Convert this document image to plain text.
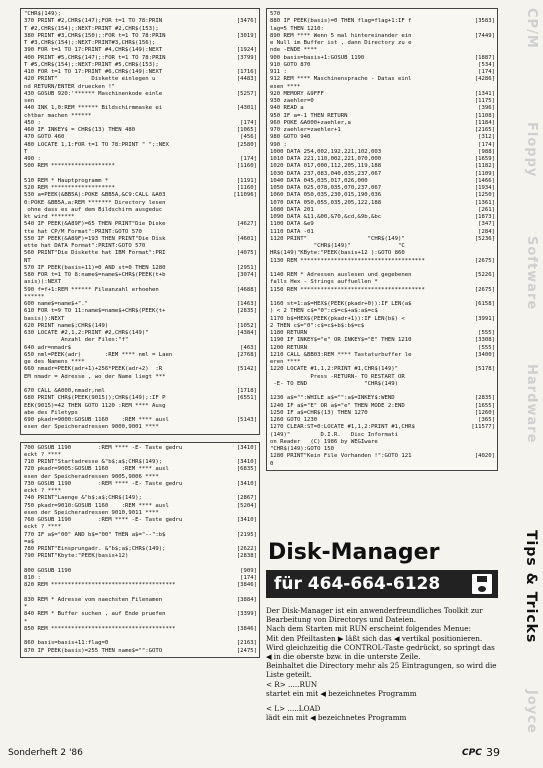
"CHR$(149);
370 PRINT #2,CHR$(147);FOR t=1 TO 78:PRIN	[3476]
T #2,CHR$(154);:NEXT:PRINT #2,CHR$(153);
380 PRINT #3,CHR$(150);:FOR t=1 TO 78:PRIN	[3019]
T #3,CHR$(154);:NEXT:PRINT#3,CHR$(156);
390 FOR t=1 TO 17:PRINT #4,CHR$(149):NEXT	[1924]
400 PRINT #5,CHR$(147);:FOR t=1 TO 78:PRIN	[3799]
T #5,CHR$(154);:NEXT:PRINT #5,CHR$(153);
410 FOR t=1 TO 17:PRINT #6,CHR$(149):NEXT	[1716]
420 PRINT"          Diskette einlegen u	[4483]
nd RETURN/ENTER druecken !"
430 GOSUB 920:'****** Maschinenkode einle	[5257]
sen
440 INK 1,0:REM ****** Bildschirmmaske ei	[4301]
chtbar machen ******
450 :	[174]
460 IF INKEY$ = CHR$(13) THEN 480	[1065]
470 GOTO 460	[456]
480 LOCATE 1,1:FOR t=1 TO 78:PRINT " ";:NEX	[2580]
T
490 :	[174]
500 REM *******************	[1160]
510 REM * Hauptprogramm *	[1191]
520 REM *******************	[1160]
530 a=PEEK(&BB5A):POKE &BB5A,&C9:CALL &A03	[11096]
0:POKE &BB5A,a:REM ******* Directory lesen
ohne dass es auf dem Bildschirm ausgeduc
kt wird *******
540 IF PEEK(&A89F)=65 THEN PRINT"Die Diske	[4627]
tte hat CP/M Format":PRINT:GOTO 570
550 IF PEEK(&A89F)=193 THEN PRINT"Die Disk	[4601]
ette hat DATA Format":PRINT:GOTO 570
560 PRINT"Die Diskette hat IBM Format":PRI	[4075]
NT
570 IF PEEK(basis+11)=0 AND st=0 THEN 1280	[2951]
580 FOR t=1 TO 8:name$=name$+CHR$(PEEK(t+b	[3074]
asis)):NEXT
590 f=f+1:REM ****** Fileanzahl erhoehen	[4688]
******
600 name$=name$+"."	[1463]
610 FOR t=9 TO 11:name$=name$+CHR$(PEEK(t+	[2835]
basis)):NEXT
620 PRINT name$;CHR$(149)	[1052]
630 LOCATE #2,1,2:PRINT #2,CHR$(149)"	[4384]
Anzahl der Files:"f"
640 adr=nmadr$	[463]
650 nml=PEEK(adr)       :REM **** nml = Laen	[2768]
ge des Namens ****
660 nmadr=PEEK(adr+1)+256*PEEK(adr+2)  :R	[5142]
EM nmadr = Adresse , wo der Name liegt ***
670 CALL &A000,nmadr,nml	[1718]
680 PRINT CHR$(PEEK(9015));CHR$(149);:IF P	[6551]
EEK(9015)=42 THEN GOTO 1120 :REM **** Ausg
abe des Filetyps
690 pkadr=9000:GOSUB 1160    :REM **** ausl	[5143]
esen der Speicheradressen 9000,9001 ****
700 GOSUB 1190        :REM **** -E- Taste gedru	[3410]
eckt ? ****
710 PRINT"Startadresse &"b$;a$;CHR$(149);	[3410]
720 pkadr=9005:GOSUB 1160    :REM **** ausl	[6835]
esen der Speicheradressen 9005,9006 ****
730 GOSUB 1190        :REM **** -E- Taste gedru	[3410]
eckt ? ****
740 PRINT"Laenge &"b$;a$;CHR$(149);	[2867]
750 pkadr=9010:GOSUB 1160    :REM **** ausl	[5204]
esen der Speicheradressen 9010,9011 ****
760 GOSUB 1190        :REM **** -E- Taste gedru	[3410]
eckt ? ****
770 IF a$="00" AND b$="00" THEN a$="--":b$	[2195]
=a$
780 PRINT"Einsprungadr. &"b$;a$;CHR$(149);	[2622]
790 PRINT"Kbyte:"PEEK(basis+12)	[2838]
800 GOSUB 1190	[909]
810 :	[174]
820 REM *************************************	[3846]
830 REM * Adresse vom naechsten Filenamen	[3884]
*
840 REM * Buffer suchen , auf Ende pruefen	[3399]
*
850 REM *************************************	[3846]
860 basis=basis+11:flag=0	[2163]
870 IF PEEK(basis)=255 THEN name$="":GOTO	[2475]
570
880 IF PEEK(basis)=0 THEN flag=flag+1:IF f	[3583]
lag=5 THEN 1210:
890 REM **** Wenn 5 mal hintereinander ein	[7449]
e Null im Buffer ist , dann Directory zu e
nde -ENDE ****
900 basis=basis+1:GOSUB 1190	[1887]
910 GOTO 870	[534]
911 :	[174]
912 REM **** Maschinensprache - Datas einl	[4286]
esen ****
920 MEMORY &9FFF	[1341]
930 zaehler=0	[1175]
940 READ a	[396]
950 IF a=-1 THEN RETURN	[1108]
960 POKE &A000+zaehler,a	[1184]
970 zaehler=zaehler+1	[2165]
980 GOTO 940	[312]
990 :	[174]
1000 DATA 254,002,192,221,102,003	[988]
1010 DATA 221,110,002,221,070,000	[1659]
1020 DATA 017,000,112,205,119,188	[1182]
1030 DATA 237,083,040,035,237,067	[1109]
1040 DATA 045,035,017,026,000	[1466]
1050 DATA 025,078,035,070,237,067	[1934]
1060 DATA 050,035,230,015,190,036	[1250]
1070 DATA 050,055,035,205,122,188	[1361]
1080 DATA 201	[261]
1090 DATA &11,&00,&70,&cd,&9b,&bc	[1873]
1100 DATA &e9	[347]
1110 DATA -01	[284]
1120 PRINT"                  "CHR$(149)"	[5236]
"CHR$(149)"              "C
HR$(149)"KByte:"PEEK(basis+12 ):GOTO 860
1130 REM *************************************	[2675]
1140 REM * Adressen auslesen und gegebenen	[5226]
falls Hex - Strings auffuellen *
1150 REM *************************************	[2675]
1160 st=1:a$=HEX$(PEEK(pkadr+0)):IF LEN(a$	[6158]
) < 2 THEN c$="0":c$=c$+a$:a$=c$
1170 b$=HEX$(PEEK(pkadr+1)):IF LEN(b$) <	[3991]
2 THEN c$="0":c$=c$+b$:b$=c$
1180 RETURN	[555]
1190 IF INKEY$="e" OR INKEY$="E" THEN 1210	[3308]
1200 RETURN	[555]
1210 CALL &BB03:REM **** Tastaturbuffer le	[3400]
eren ****
1220 LOCATE #1,1,2:PRINT #1,CHR$(149)"	[5178]
Press -RETURN- TO RESTART OR
-E- TO END                 "CHR$(149)
1230 a$="":WHILE a$="":a$=INKEY$:WEND	[2835]
1240 IF a$="E" OR a$="e" THEN MODE 2:END	[1655]
1250 IF a$=CHR$(13) THEN 1270	[1260]
1260 GOTO 1230	[365]
1270 CLEAR:ST=0:LOCATE #1,1,2:PRINT #1,CHR$	[11577]
(149)"         D.I.R.   Disc Informati
on Reader   (C) 1986 by WEGIware
"CHR$(149):GOTO 150
1280 PRINT"Kein File Vorhanden !":GOTO 121	[4020]
0
Disk-Manager
für 464-664-6128

Der Disk-Manager ist ein anwenderfreundliches Toolkit zur Bearbeitung von Directorys und Dateien.

Nach dem Starten mit RUN erscheint folgendes Menue:

Mit den Pfeiltasten ▶ läßt sich das ◀ vertikal positionieren.

Wird gleichzeitig die CONTROL-Taste gedrückt, so springt das ◀ in die oberste bzw. in die unterste Zeile.

Beinhaltet die Directory mehr als 25 Eintragungen, so wird die Liste geteilt.

< R> .....RUN

startet ein mit ◀ bezeichnetes Programm

< L> .....LOAD

lädt ein mit ◀ bezeichnetes Programm

CP/M
Floppy
Software
Hardware
Tips & Tricks
Joyce
Sonderheft 2 '86	CPC 39
